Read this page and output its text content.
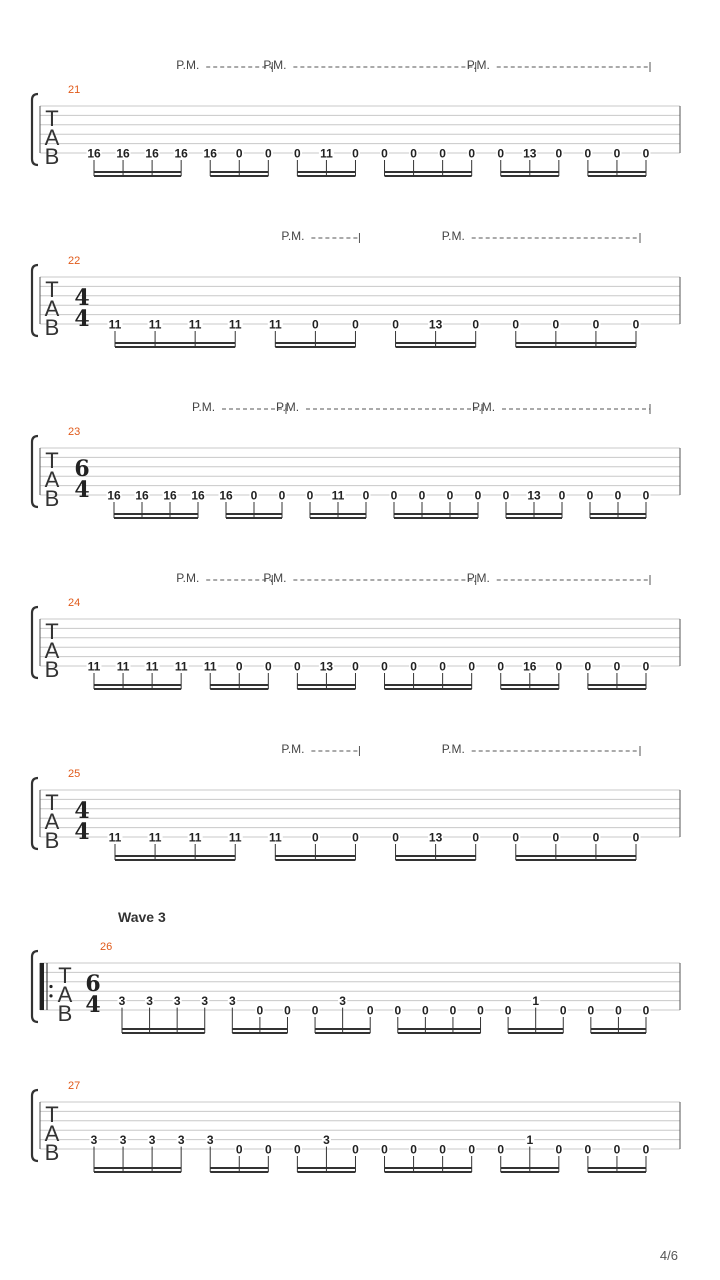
T
A
B
21
16 16 16 16 16 0 0 0 11 0 0 0 0 0 0 13 0 0 0 0
P.M.	P.M.	P.M.
T
A
B
22
4
4 11 11 11 11 11	0	0	0	13	0	0	0	0	0
P.M.	P.M.
T
A
B
23
6
4 16 16 16 16 16 0 0 0 11 0 0 0 0 0 0 13 0 0 0 0
P.M.	P.M.	P.M.
T
A
B
24
11 11 11 11 11 0 0 0 13 0 0 0 0 0 0 16 0 0 0 0
P.M.	P.M.	P.M.
T
A
B
25
4
4 11 11 11 11 11	0	0	0	13	0	0	0	0	0
P.M.	P.M.
T
A
B
26
6
4 3 3 3 3 3
0 0 0
3
0 0 0 0 0 0
1
0 0 0 0
T
A
B
27
3 3 3 3 3
0 0 0
3
0 0 0 0 0 0
1
0 0 0 0
Wave 3
4/6
